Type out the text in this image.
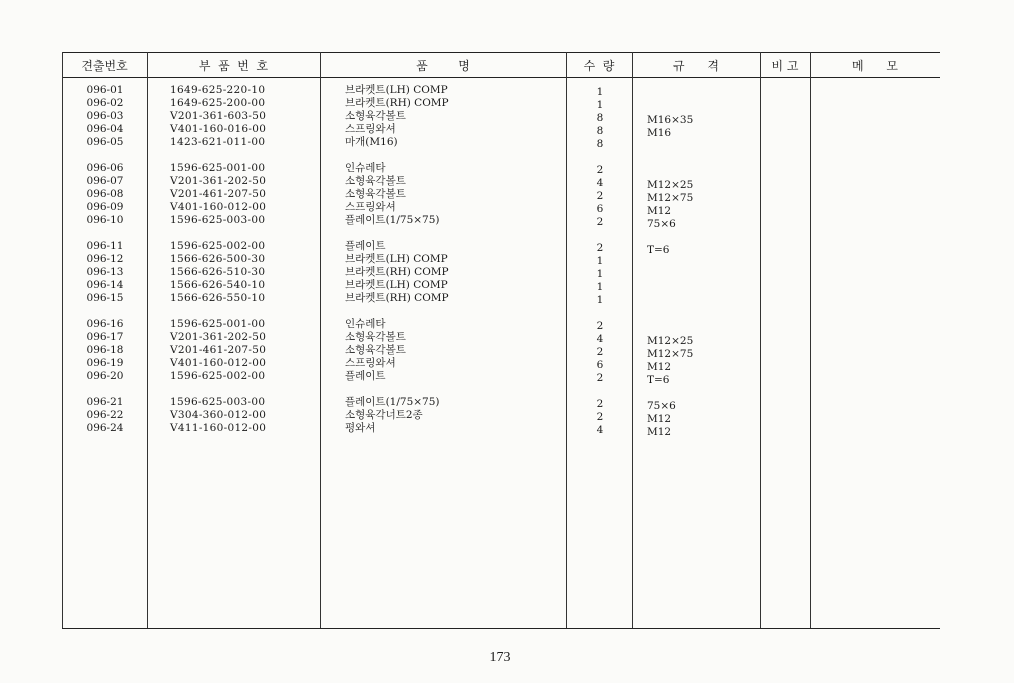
견출번호	부  품  번  호	품        명	수  량	규      격	비 고	메      모
096-01	1649-625-220-10	브라켓트(LH) COMP	1
096-02	1649-625-200-00	브라켓트(RH) COMP	1
096-03	V201-361-603-50	소형육각볼트	8	M16×35
096-04	V401-160-016-00	스프링와셔	8	M16
096-05	1423-621-011-00	마개(M16)	8
096-06	1596-625-001-00	인슈레타	2
096-07	V201-361-202-50	소형육각볼트	4	M12×25
096-08	V201-461-207-50	소형육각볼트	2	M12×75
096-09	V401-160-012-00	스프링와셔	6	M12
096-10	1596-625-003-00	플레이트(1/75×75)	2	75×6
096-11	1596-625-002-00	플레이트	2	T=6
096-12	1566-626-500-30	브라켓트(LH) COMP	1
096-13	1566-626-510-30	브라켓트(RH) COMP	1
096-14	1566-626-540-10	브라켓트(LH) COMP	1
096-15	1566-626-550-10	브라켓트(RH) COMP	1
096-16	1596-625-001-00	인슈레타	2
096-17	V201-361-202-50	소형육각볼트	4	M12×25
096-18	V201-461-207-50	소형육각볼트	2	M12×75
096-19	V401-160-012-00	스프링와셔	6	M12
096-20	1596-625-002-00	플레이트	2	T=6
096-21	1596-625-003-00	플레이트(1/75×75)	2	75×6
096-22	V304-360-012-00	소형육각너트2종	2	M12
096-24	V411-160-012-00	평와셔	4	M12
173
